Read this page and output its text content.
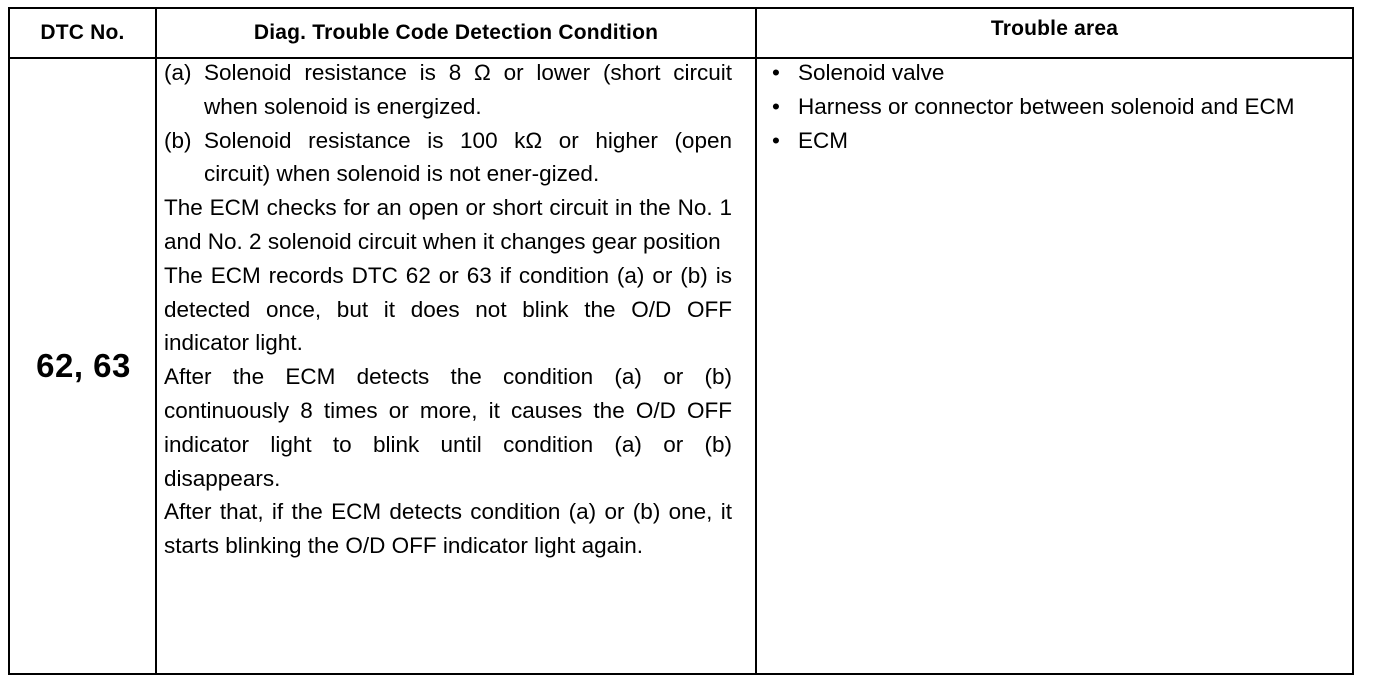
DTC No.	Diag. Trouble Code Detection Condition	Trouble area
62, 63
(a) Solenoid resistance is 8 Ω or lower (short circuit when solenoid is energized.
(b) Solenoid resistance is 100 kΩ or higher (open circuit) when solenoid is not ener-gized.
The ECM checks for an open or short circuit in the No. 1 and No. 2 solenoid circuit when it changes gear position
The ECM records DTC 62 or 63 if condition (a) or (b) is detected once, but it does not blink the O/D OFF indicator light.
After the ECM detects the condition (a) or (b) continuously 8 times or more, it causes the O/D OFF indicator light to blink until condition (a) or (b) disappears.
After that, if the ECM detects condition (a) or (b) one, it starts blinking the O/D OFF indicator light again.
• Solenoid valve
• Harness or connector between solenoid and ECM
• ECM
